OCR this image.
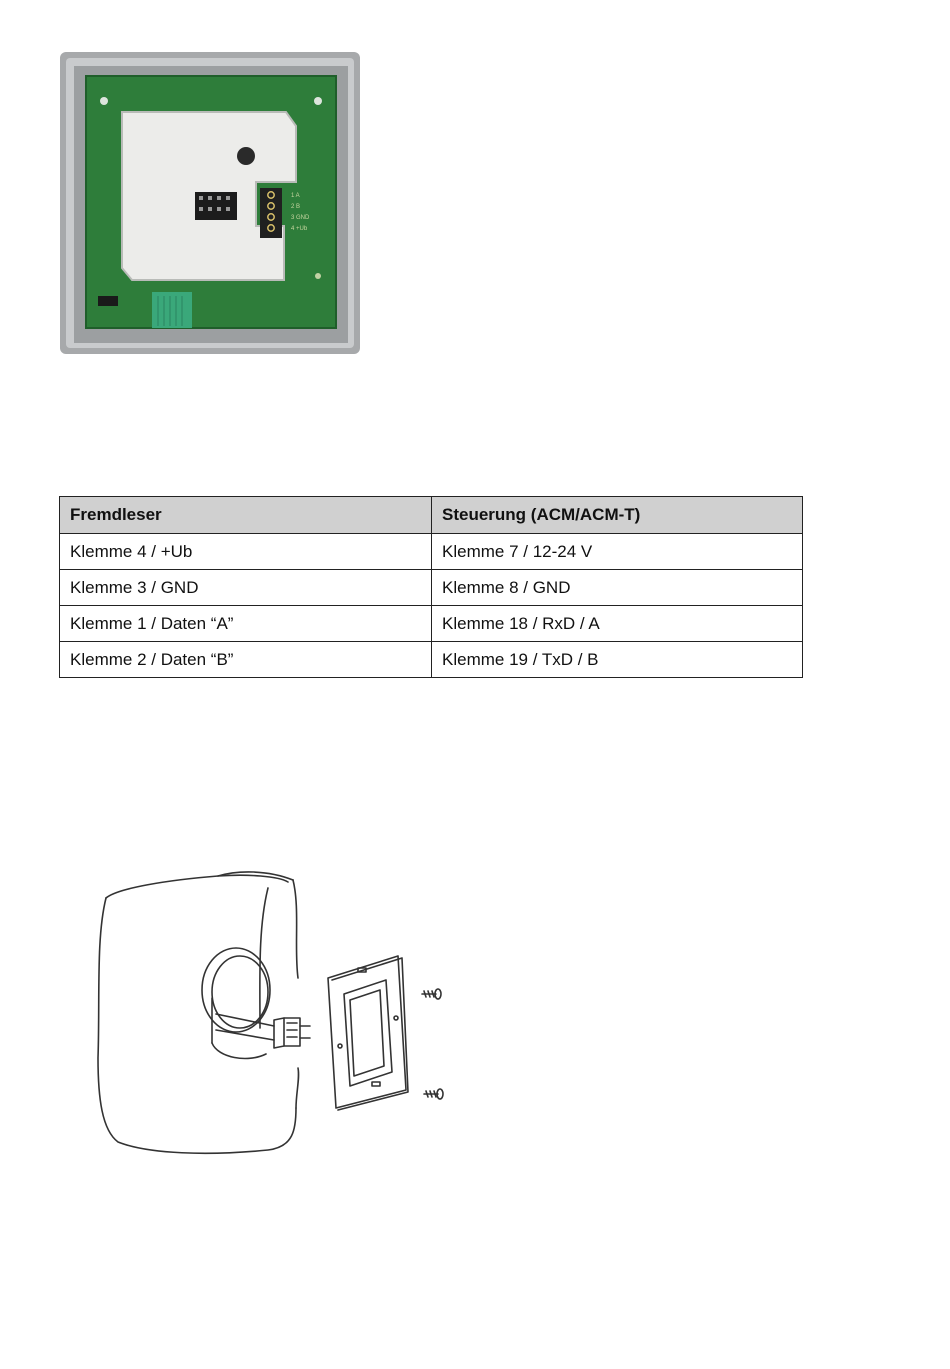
1 A
2 B
3 GND
4 +Ub
Fremdleser	Steuerung (ACM/ACM-T)
Klemme 4 / +Ub	Klemme 7 / 12-24 V
Klemme 3 / GND	Klemme 8 / GND
Klemme 1 / Daten “A”	Klemme 18 / RxD / A
Klemme 2 / Daten “B”	Klemme 19 / TxD / B
